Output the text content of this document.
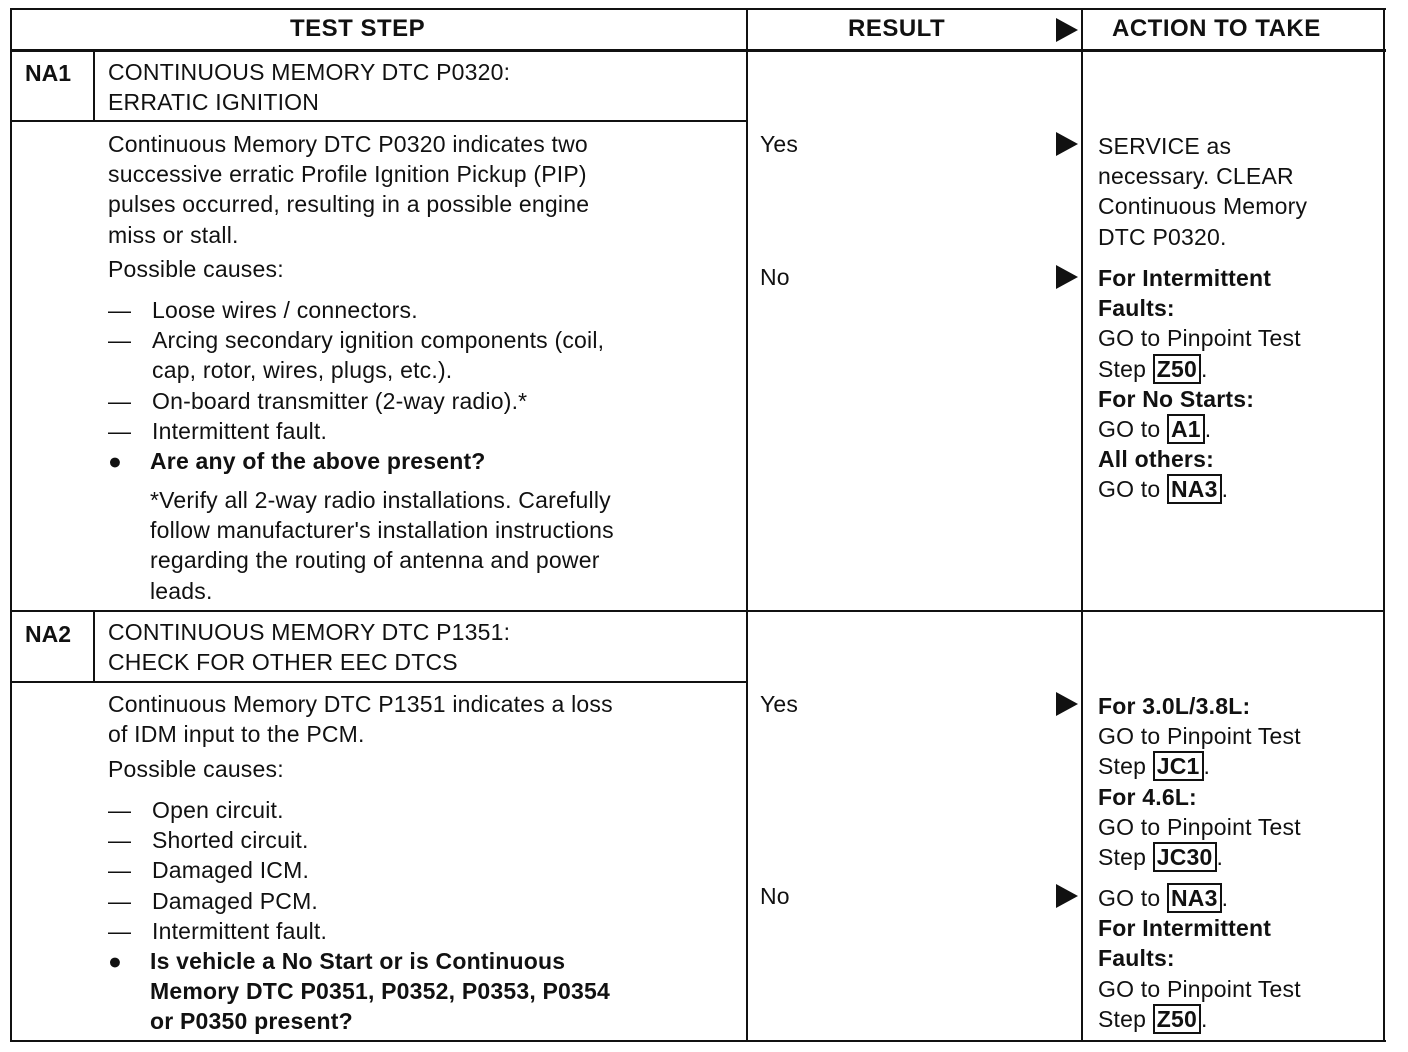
TEST STEP	RESULT	ACTION TO TAKE
NA1 CONTINUOUS MEMORY DTC P0320:
ERRATIC IGNITION
Continuous Memory DTC P0320 indicates two
successive erratic Profile Ignition Pickup (PIP)
pulses occurred, resulting in a possible engine
miss or stall.
Possible causes:
— Loose wires / connectors.
— Arcing secondary ignition components (coil,
cap, rotor, wires, plugs, etc.).
— On-board transmitter (2-way radio).*
— Intermittent fault.
● Are any of the above present?
*Verify all 2-way radio installations. Carefully
follow manufacturer's installation instructions
regarding the routing of antenna and power
leads.
Yes
No
SERVICE as
necessary. CLEAR
Continuous Memory
DTC P0320.
For Intermittent
Faults:
GO to Pinpoint Test
Step Z50 .
For No Starts:
GO to A1 .
All others:
GO to NA3 .
NA2 CONTINUOUS MEMORY DTC P1351:
CHECK FOR OTHER EEC DTCS
Continuous Memory DTC P1351 indicates a loss
of IDM input to the PCM.
Possible causes:
— Open circuit.
— Shorted circuit.
— Damaged ICM.
— Damaged PCM.
— Intermittent fault.
● Is vehicle a No Start or is Continuous
Memory DTC P0351, P0352, P0353, P0354
or P0350 present?
Yes
No
For 3.0L/3.8L:
GO to Pinpoint Test
Step JC1 .
For 4.6L:
GO to Pinpoint Test
Step JC30 .
GO to NA3 .
For Intermittent
Faults:
GO to Pinpoint Test
Step Z50 .
